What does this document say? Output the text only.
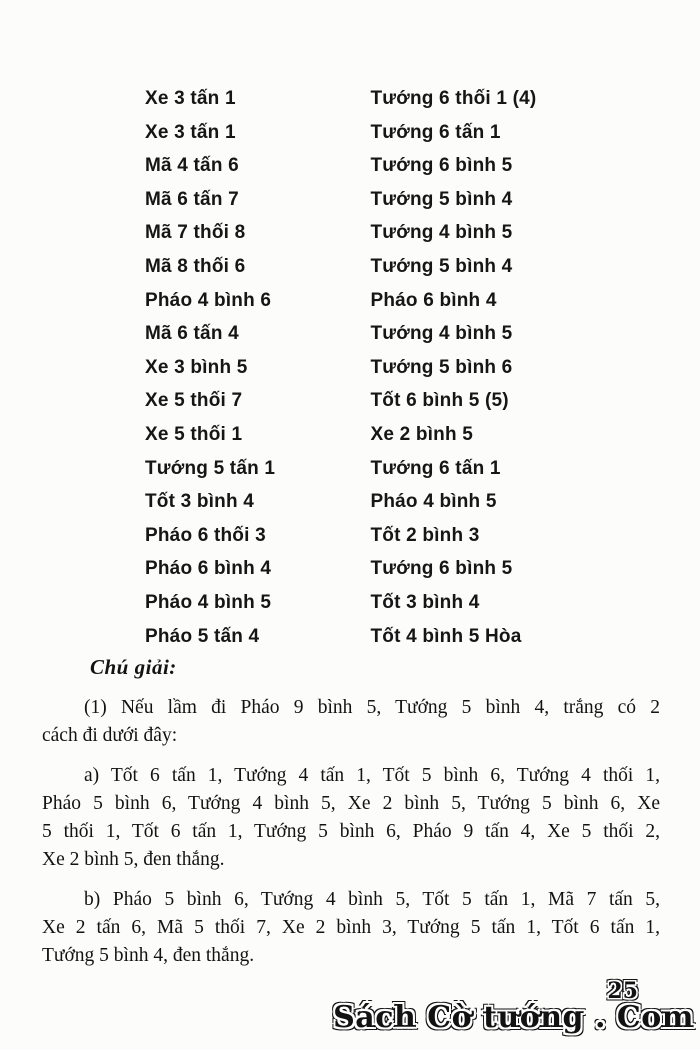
Xe 3 tấn 1	Tướng 6 thối 1 (4)
Xe 3 tấn 1	Tướng 6 tấn 1
Mã 4 tấn 6	Tướng 6 bình 5
Mã 6 tấn 7	Tướng 5 bình 4
Mã 7 thối 8	Tướng 4 bình 5
Mã 8 thối 6	Tướng 5 bình 4
Pháo 4 bình 6	Pháo 6 bình 4
Mã 6 tấn 4	Tướng 4 bình 5
Xe 3 bình 5	Tướng 5 bình 6
Xe 5 thối 7	Tốt 6 bình 5 (5)
Xe 5 thối 1	Xe 2 bình 5
Tướng 5 tấn 1	Tướng 6 tấn 1
Tốt 3 bình 4	Pháo 4 bình 5
Pháo 6 thối 3	Tốt 2 bình 3
Pháo 6 bình 4	Tướng 6 bình 5
Pháo 4 bình 5	Tốt 3 bình 4
Pháo 5 tấn 4	Tốt 4 bình 5 Hòa
Chú giải:
(1) Nếu lầm đi Pháo 9 bình 5, Tướng 5 bình 4, trắng có 2
cách đi dưới đây:
a) Tốt 6 tấn 1, Tướng 4 tấn 1, Tốt 5 bình 6, Tướng 4 thối 1,
Pháo 5 bình 6, Tướng 4 bình 5, Xe 2 bình 5, Tướng 5 bình 6, Xe
5 thối 1, Tốt 6 tấn 1, Tướng 5 bình 6, Pháo 9 tấn 4, Xe 5 thối 2,
Xe 2 bình 5, đen thắng.
b) Pháo 5 bình 6, Tướng 4 bình 5, Tốt 5 tấn 1, Mã 7 tấn 5,
Xe 2 tấn 6, Mã 5 thối 7, Xe 2 bình 3, Tướng 5 tấn 1, Tốt 6 tấn 1,
Tướng 5 bình 4, đen thắng.
25
Sách Cờ tướng . Com
